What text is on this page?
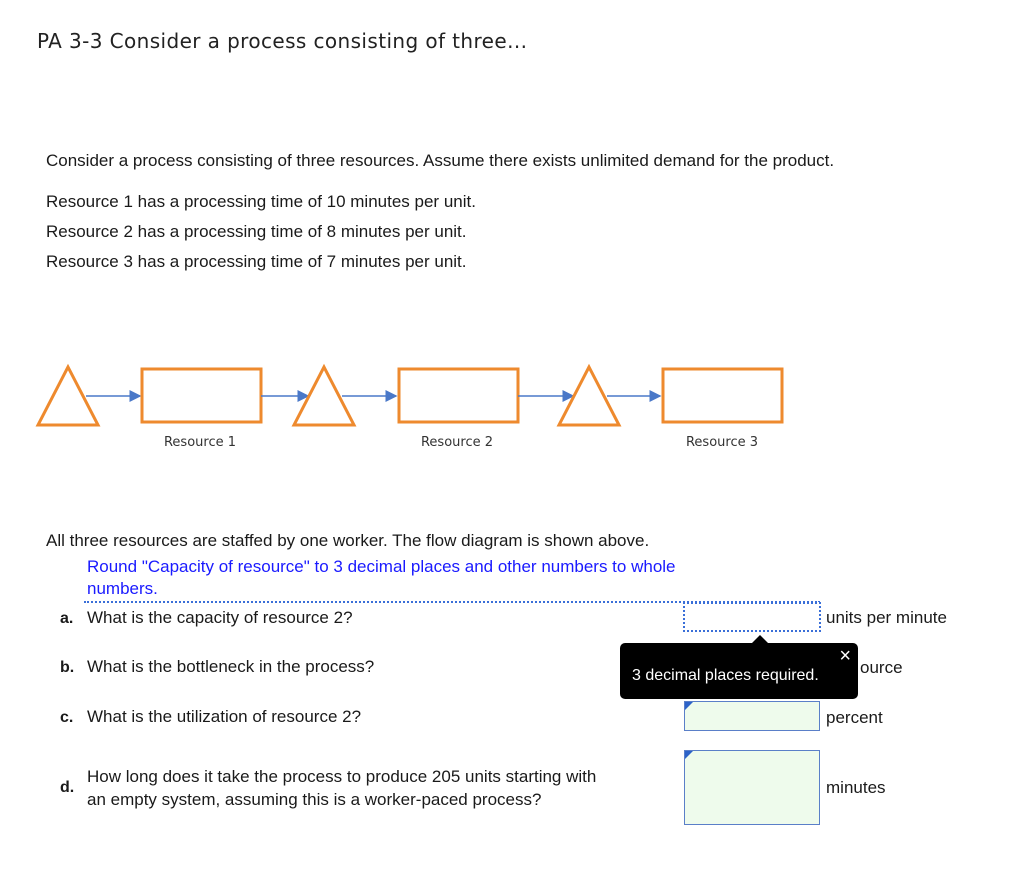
PA 3-3 Consider a process consisting of three...
Consider a process consisting of three resources. Assume there exists unlimited demand for the product.
Resource 1 has a processing time of 10 minutes per unit.
Resource 2 has a processing time of 8 minutes per unit.
Resource 3 has a processing time of 7 minutes per unit.
Resource 1	Resource 2	Resource 3
All three resources are staffed by one worker. The flow diagram is shown above.
Round "Capacity of resource" to 3 decimal places and other numbers to whole
numbers.
a. What is the capacity of resource 2?	units per minute
b. What is the bottleneck in the process?	ource
×
3 decimal places required.
c. What is the utilization of resource 2?	percent
d.
How long does it take the process to produce 205 units starting with
an empty system, assuming this is a worker-paced process?
minutes
